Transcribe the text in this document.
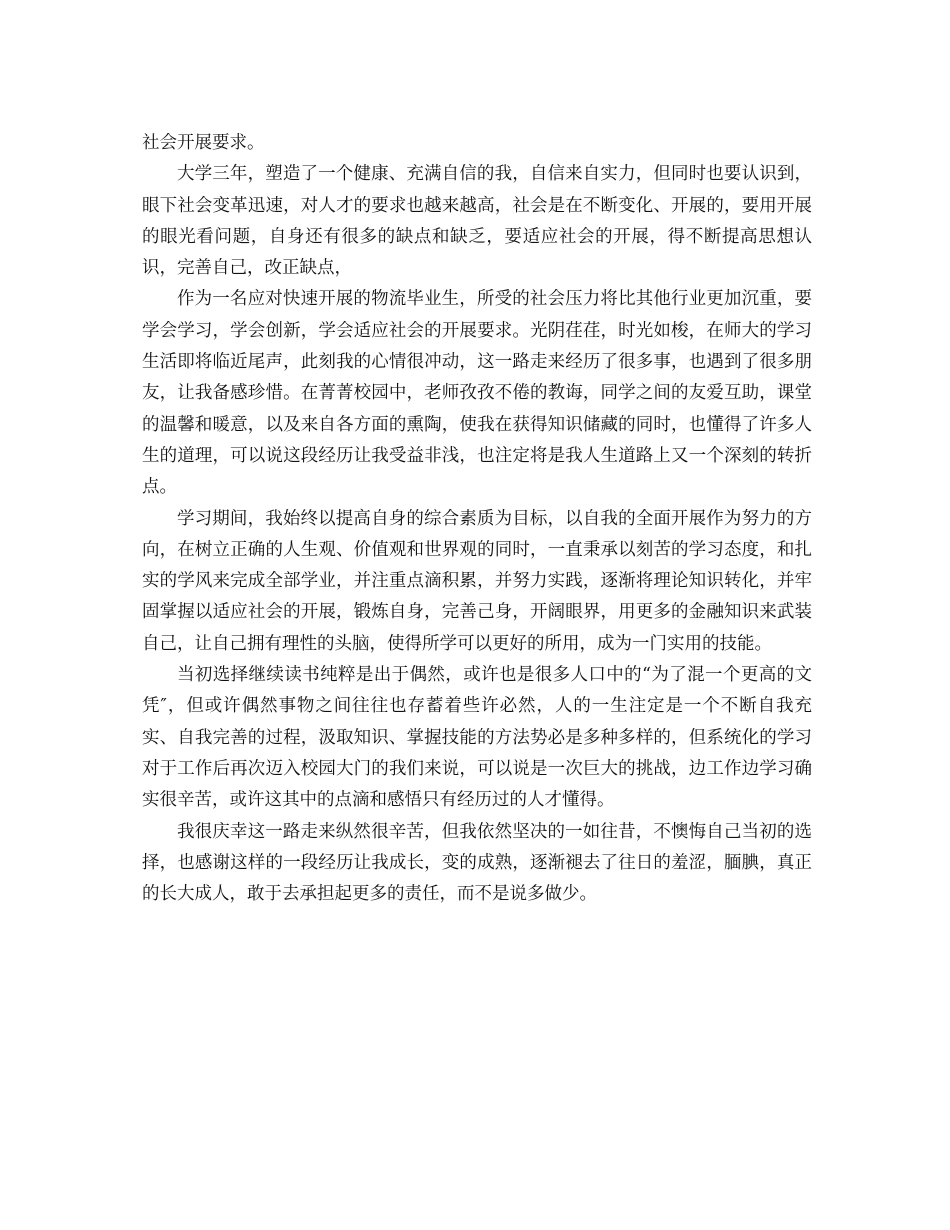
社会开展要求。

大学三年，塑造了一个健康、充满自信的我，自信来自实力，但同时也要认识到，眼下社会变革迅速，对人才的要求也越来越高，社会是在不断变化、开展的，要用开展的眼光看问题，自身还有很多的缺点和缺乏，要适应社会的开展，得不断提高思想认识，完善自己，改正缺点，

作为一名应对快速开展的物流毕业生，所受的社会压力将比其他行业更加沉重，要学会学习，学会创新，学会适应社会的开展要求。光阴荏荏，时光如梭，在师大的学习生活即将临近尾声，此刻我的心情很冲动，这一路走来经历了很多事，也遇到了很多朋友，让我备感珍惜。在菁菁校园中，老师孜孜不倦的教诲，同学之间的友爱互助，课堂的温馨和暖意，以及来自各方面的熏陶，使我在获得知识储藏的同时，也懂得了许多人生的道理，可以说这段经历让我受益非浅，也注定将是我人生道路上又一个深刻的转折点。

学习期间，我始终以提高自身的综合素质为目标，以自我的全面开展作为努力的方向，在树立正确的人生观、价值观和世界观的同时，一直秉承以刻苦的学习态度，和扎实的学风来完成全部学业，并注重点滴积累，并努力实践，逐渐将理论知识转化，并牢固掌握以适应社会的开展，锻炼自身，完善己身，开阔眼界，用更多的金融知识来武装自己，让自己拥有理性的头脑，使得所学可以更好的所用，成为一门实用的技能。

当初选择继续读书纯粹是出于偶然，或许也是很多人口中的“为了混一个更高的文凭″，但或许偶然事物之间往往也存蓄着些许必然，人的一生注定是一个不断自我充实、自我完善的过程，汲取知识、掌握技能的方法势必是多种多样的，但系统化的学习对于工作后再次迈入校园大门的我们来说，可以说是一次巨大的挑战，边工作边学习确实很辛苦，或许这其中的点滴和感悟只有经历过的人才懂得。

我很庆幸这一路走来纵然很辛苦，但我依然坚决的一如往昔，不懊悔自己当初的选择，也感谢这样的一段经历让我成长，变的成熟，逐渐褪去了往日的羞涩，腼腆，真正的长大成人，敢于去承担起更多的责任，而不是说多做少。
